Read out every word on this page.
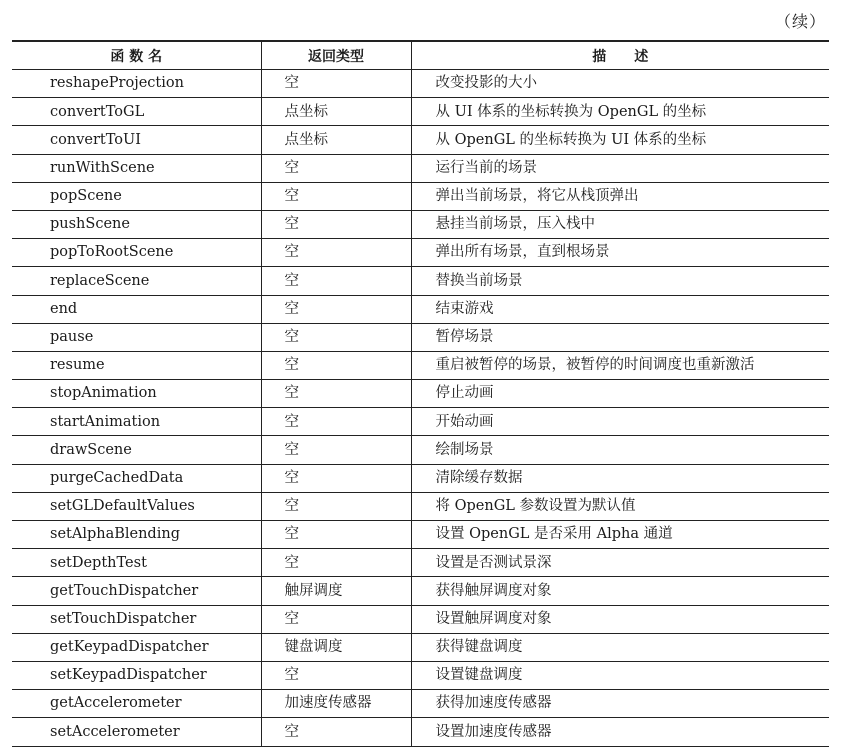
（续）
函 数 名	返回类型	描　　述
reshapeProjection	空	改变投影的大小
convertToGL	点坐标	从 UI 体系的坐标转换为 OpenGL 的坐标
convertToUI	点坐标	从 OpenGL 的坐标转换为 UI 体系的坐标
runWithScene	空	运行当前的场景
popScene	空	弹出当前场景，将它从栈顶弹出
pushScene	空	悬挂当前场景，压入栈中
popToRootScene	空	弹出所有场景，直到根场景
replaceScene	空	替换当前场景
end	空	结束游戏
pause	空	暂停场景
resume	空	重启被暂停的场景，被暂停的时间调度也重新激活
stopAnimation	空	停止动画
startAnimation	空	开始动画
drawScene	空	绘制场景
purgeCachedData	空	清除缓存数据
setGLDefaultValues	空	将 OpenGL 参数设置为默认值
setAlphaBlending	空	设置 OpenGL 是否采用 Alpha 通道
setDepthTest	空	设置是否测试景深
getTouchDispatcher	触屏调度	获得触屏调度对象
setTouchDispatcher	空	设置触屏调度对象
getKeypadDispatcher	键盘调度	获得键盘调度
setKeypadDispatcher	空	设置键盘调度
getAccelerometer	加速度传感器	获得加速度传感器
setAccelerometer	空	设置加速度传感器
